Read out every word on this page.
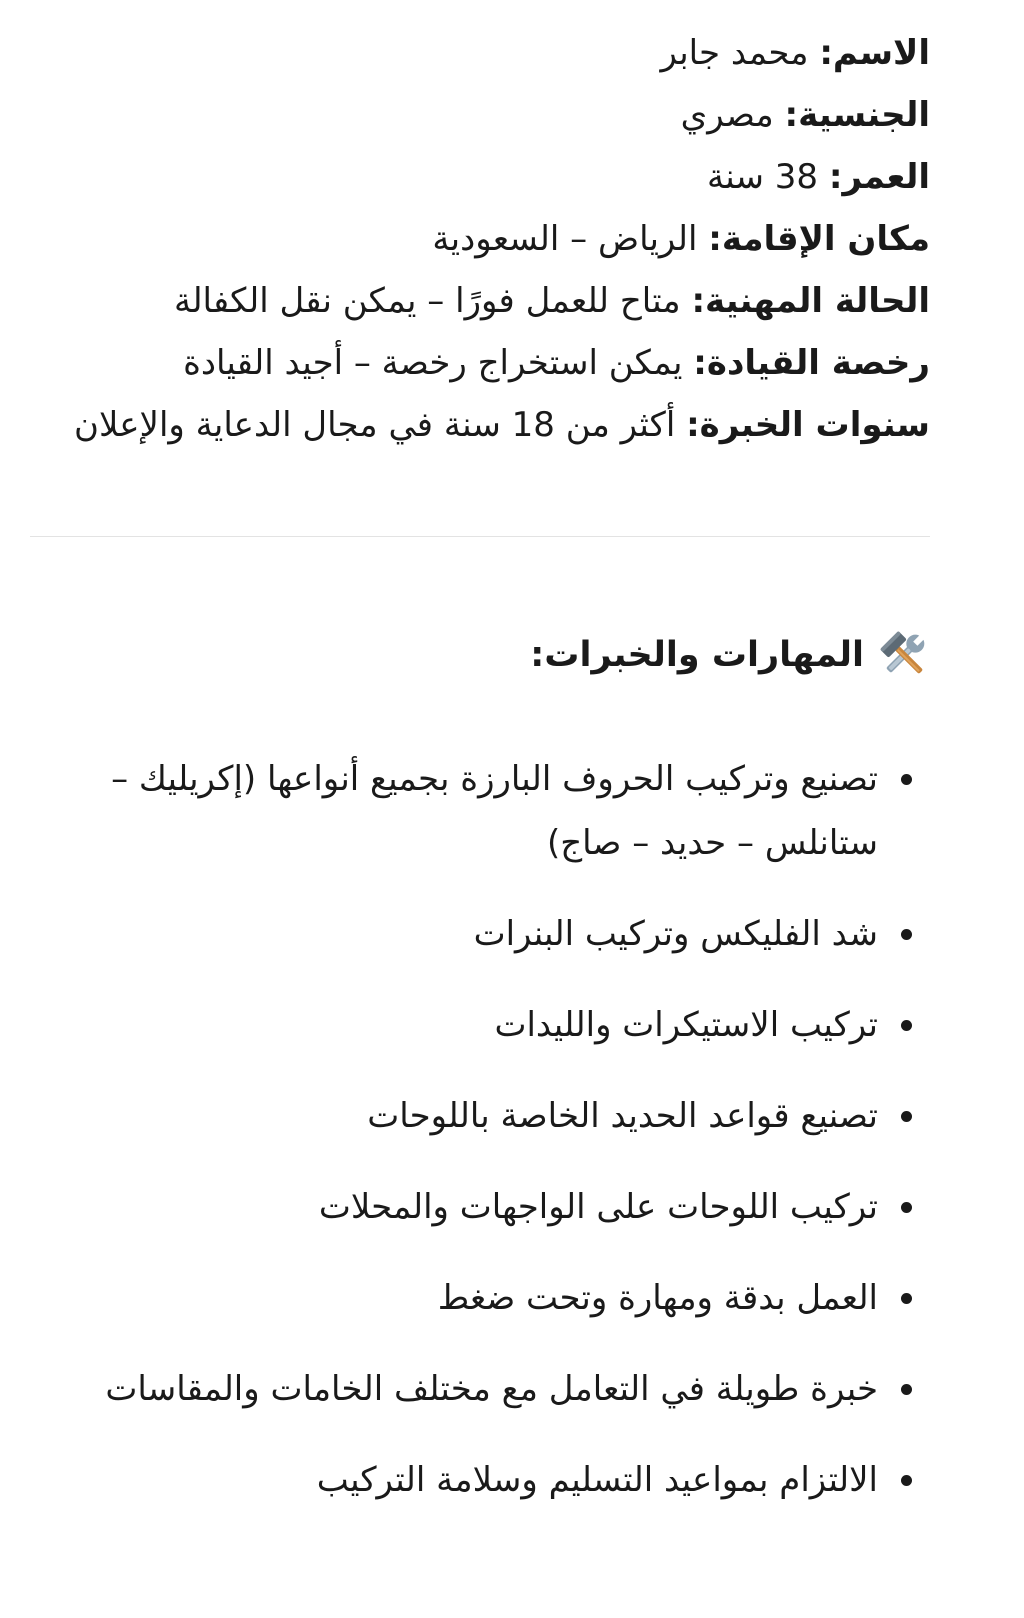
الاسم: محمد جابر
الجنسية: مصري
العمر: 38 سنة
مكان الإقامة: الرياض – السعودية
الحالة المهنية: متاح للعمل فورًا – يمكن نقل الكفالة
رخصة القيادة: يمكن استخراج رخصة – أجيد القيادة
سنوات الخبرة: أكثر من 18 سنة في مجال الدعاية والإعلان
المهارات والخبرات:
تصنيع وتركيب الحروف البارزة بجميع أنواعها (إكريليك – ستانلس – حديد – صاج)
شد الفليكس وتركيب البنرات
تركيب الاستيكرات والليدات
تصنيع قواعد الحديد الخاصة باللوحات
تركيب اللوحات على الواجهات والمحلات
العمل بدقة ومهارة وتحت ضغط
خبرة طويلة في التعامل مع مختلف الخامات والمقاسات
الالتزام بمواعيد التسليم وسلامة التركيب
